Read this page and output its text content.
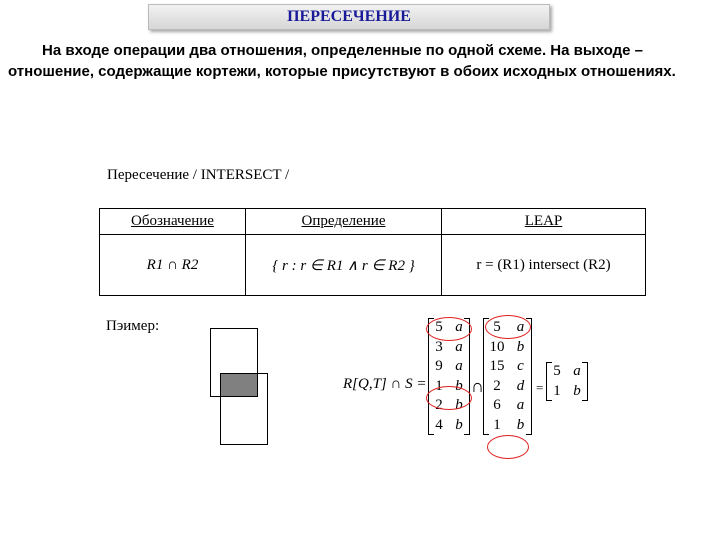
ПЕРЕСЕЧЕНИЕ
На входе операции два отношения, определенные по одной схеме. На выходе – отношение, содержащие кортежи, которые присутствуют в обоих исходных отношениях.
Пересечение / INTERSECT /
Обозначение	Определение	LEAP
R1 ∩ R2	{ r : r ∈ R1 ∧ r ∈ R2 }	r = (R1) intersect (R2)
Пэимер:
R[Q,T] ∩ S =
5 a
3 a
9 a
1 b
2 b
4 b
∩
5	a
10 b
15 c
2	d
6	a
1	b
=
5 a
1 b
